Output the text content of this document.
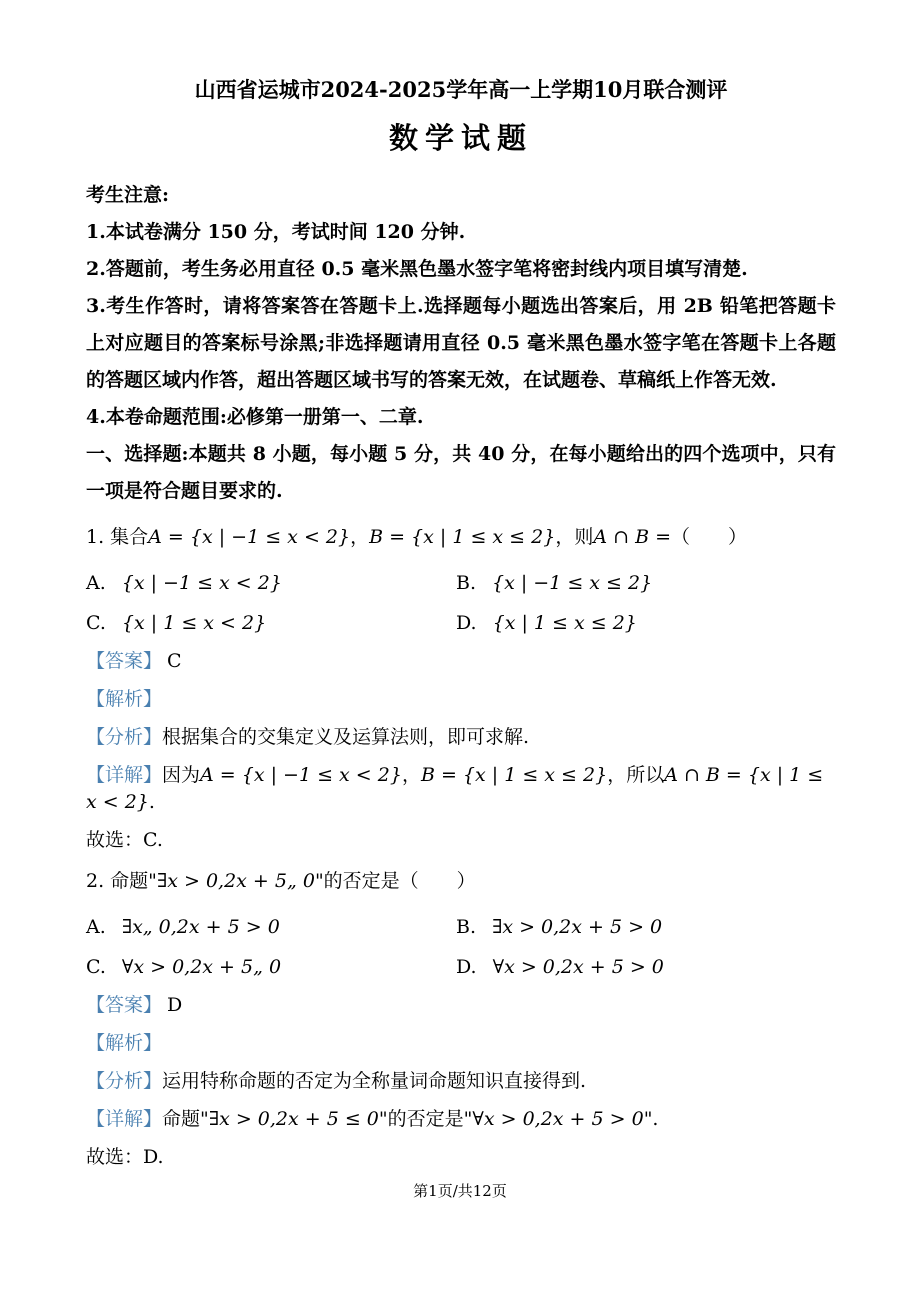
山西省运城市2024-2025学年高一上学期10月联合测评
数学试题

考生注意:

1.本试卷满分 150 分，考试时间 120 分钟.

2.答题前，考生务必用直径 0.5 毫米黑色墨水签字笔将密封线内项目填写清楚.

3.考生作答时，请将答案答在答题卡上.选择题每小题选出答案后，用 2B 铅笔把答题卡上对应题目的答案标号涂黑;非选择题请用直径 0.5 毫米黑色墨水签字笔在答题卡上各题的答题区域内作答，超出答题区域书写的答案无效，在试题卷、草稿纸上作答无效.

4.本卷命题范围:必修第一册第一、二章.

一、选择题:本题共 8 小题，每小题 5 分，共 40 分，在每小题给出的四个选项中，只有一项是符合题目要求的.

1. 集合A = {x | −1 ≤ x < 2}，B = {x | 1 ≤ x ≤ 2}，则A ∩ B =（　　）

A. {x | −1 ≤ x < 2}	B. {x | −1 ≤ x ≤ 2}

C. {x | 1 ≤ x < 2}	D. {x | 1 ≤ x ≤ 2}

【答案】 C

【解析】

【分析】根据集合的交集定义及运算法则，即可求解.

【详解】因为A = {x | −1 ≤ x < 2}，B = {x | 1 ≤ x ≤ 2}，所以A ∩ B = {x | 1 ≤ x < 2}.

故选：C.

2. 命题"∃x > 0,2x + 5„ 0"的否定是（　　）

A. ∃x„ 0,2x + 5 > 0	B. ∃x > 0,2x + 5 > 0

C. ∀x > 0,2x + 5„ 0	D. ∀x > 0,2x + 5 > 0

【答案】 D

【解析】

【分析】运用特称命题的否定为全称量词命题知识直接得到.

【详解】命题"∃x > 0,2x + 5 ≤ 0"的否定是"∀x > 0,2x + 5 > 0".

故选：D.

第1页/共12页
